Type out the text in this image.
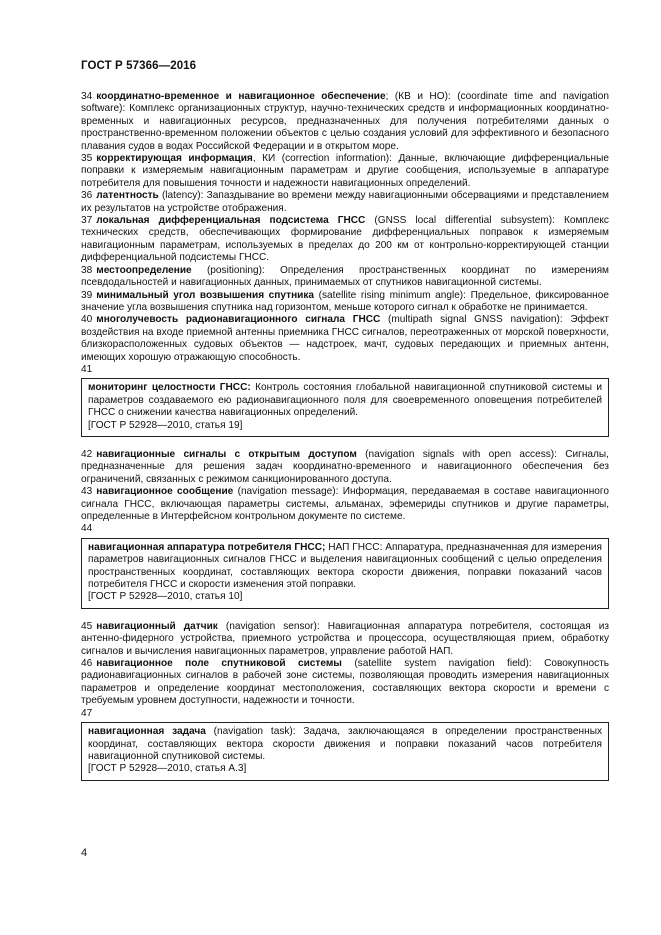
ГОСТ Р 57366—2016

34 координатно-временное и навигационное обеспечение; (КВ и НО): (coordinate time and navigation software): Комплекс организационных структур, научно-технических средств и информационных координатно-временных и навигационных ресурсов, предназначенных для получения потребителями данных о пространственно-временном положении объектов с целью создания условий для эффективного и безопасного плавания судов в водах Российской Федерации и в открытом море.

35 корректирующая информация, КИ (correction information): Данные, включающие дифференциальные поправки к измеряемым навигационным параметрам и другие сообщения, используемые в аппаратуре потребителя для повышения точности и надежности навигационных определений.

36 латентность (latency): Запаздывание во времени между навигационными обсервациями и представлением их результатов на устройстве отображения.

37 локальная дифференциальная подсистема ГНСС (GNSS local differential subsystem): Комплекс технических средств, обеспечивающих формирование дифференциальных поправок к измеряемым навигационным параметрам, используемых в пределах до 200 км от контрольно-корректирующей станции дифференциальной подсистемы ГНСС.

38 местоопределение (positioning): Определения пространственных координат по измерениям псевдодальностей и навигационных данных, принимаемых от спутников навигационной системы.

39 минимальный угол возвышения спутника (satellite rising minimum angle): Предельное, фиксированное значение угла возвышения спутника над горизонтом, меньше которого сигнал к обработке не принимается.

40 многолучевость радионавигационного сигнала ГНСС (multipath signal GNSS navigation): Эффект воздействия на входе приемной антенны приемника ГНСС сигналов, переотраженных от морской поверхности, близкорасположенных судовых объектов — надстроек, мачт, судовых передающих и приемных антенн, имеющих хорошую отражающую способность.

41

мониторинг целостности ГНСС: Контроль состояния глобальной навигационной спутниковой системы и параметров создаваемого ею радионавигационного поля для своевременного оповещения потребителей ГНСС о снижении качества навигационных определений.
[ГОСТ Р 52928—2010, статья 19]

42 навигационные сигналы с открытым доступом (navigation signals with open access): Сигналы, предназначенные для решения задач координатно-временного и навигационного обеспечения без ограничений, связанных с режимом санкционированного доступа.

43 навигационное сообщение (navigation message): Информация, передаваемая в составе навигационного сигнала ГНСС, включающая параметры системы, альманах, эфемериды спутников и другие параметры, определенные в Интерфейсном контрольном документе по системе.

44

навигационная аппаратура потребителя ГНСС; НАП ГНСС: Аппаратура, предназначенная для измерения параметров навигационных сигналов ГНСС и выделения навигационных сообщений с целью определения пространственных координат, составляющих вектора скорости движения, поправки показаний часов потребителя ГНСС и скорости изменения этой поправки.
[ГОСТ Р 52928—2010, статья 10]

45 навигационный датчик (navigation sensor): Навигационная аппаратура потребителя, состоящая из антенно-фидерного устройства, приемного устройства и процессора, осуществляющая прием, обработку сигналов и вычисления навигационных параметров, управление работой НАП.

46 навигационное поле спутниковой системы (satellite system navigation field): Совокупность радионавигационных сигналов в рабочей зоне системы, позволяющая проводить измерения навигационных параметров и определение координат местоположения, составляющих вектора скорости и времени с требуемым уровнем доступности, надежности и точности.

47

навигационная задача (navigation task): Задача, заключающаяся в определении пространственных координат, составляющих вектора скорости движения и поправки показаний часов потребителя навигационной спутниковой системы.
[ГОСТ Р 52928—2010, статья А.3]
4
